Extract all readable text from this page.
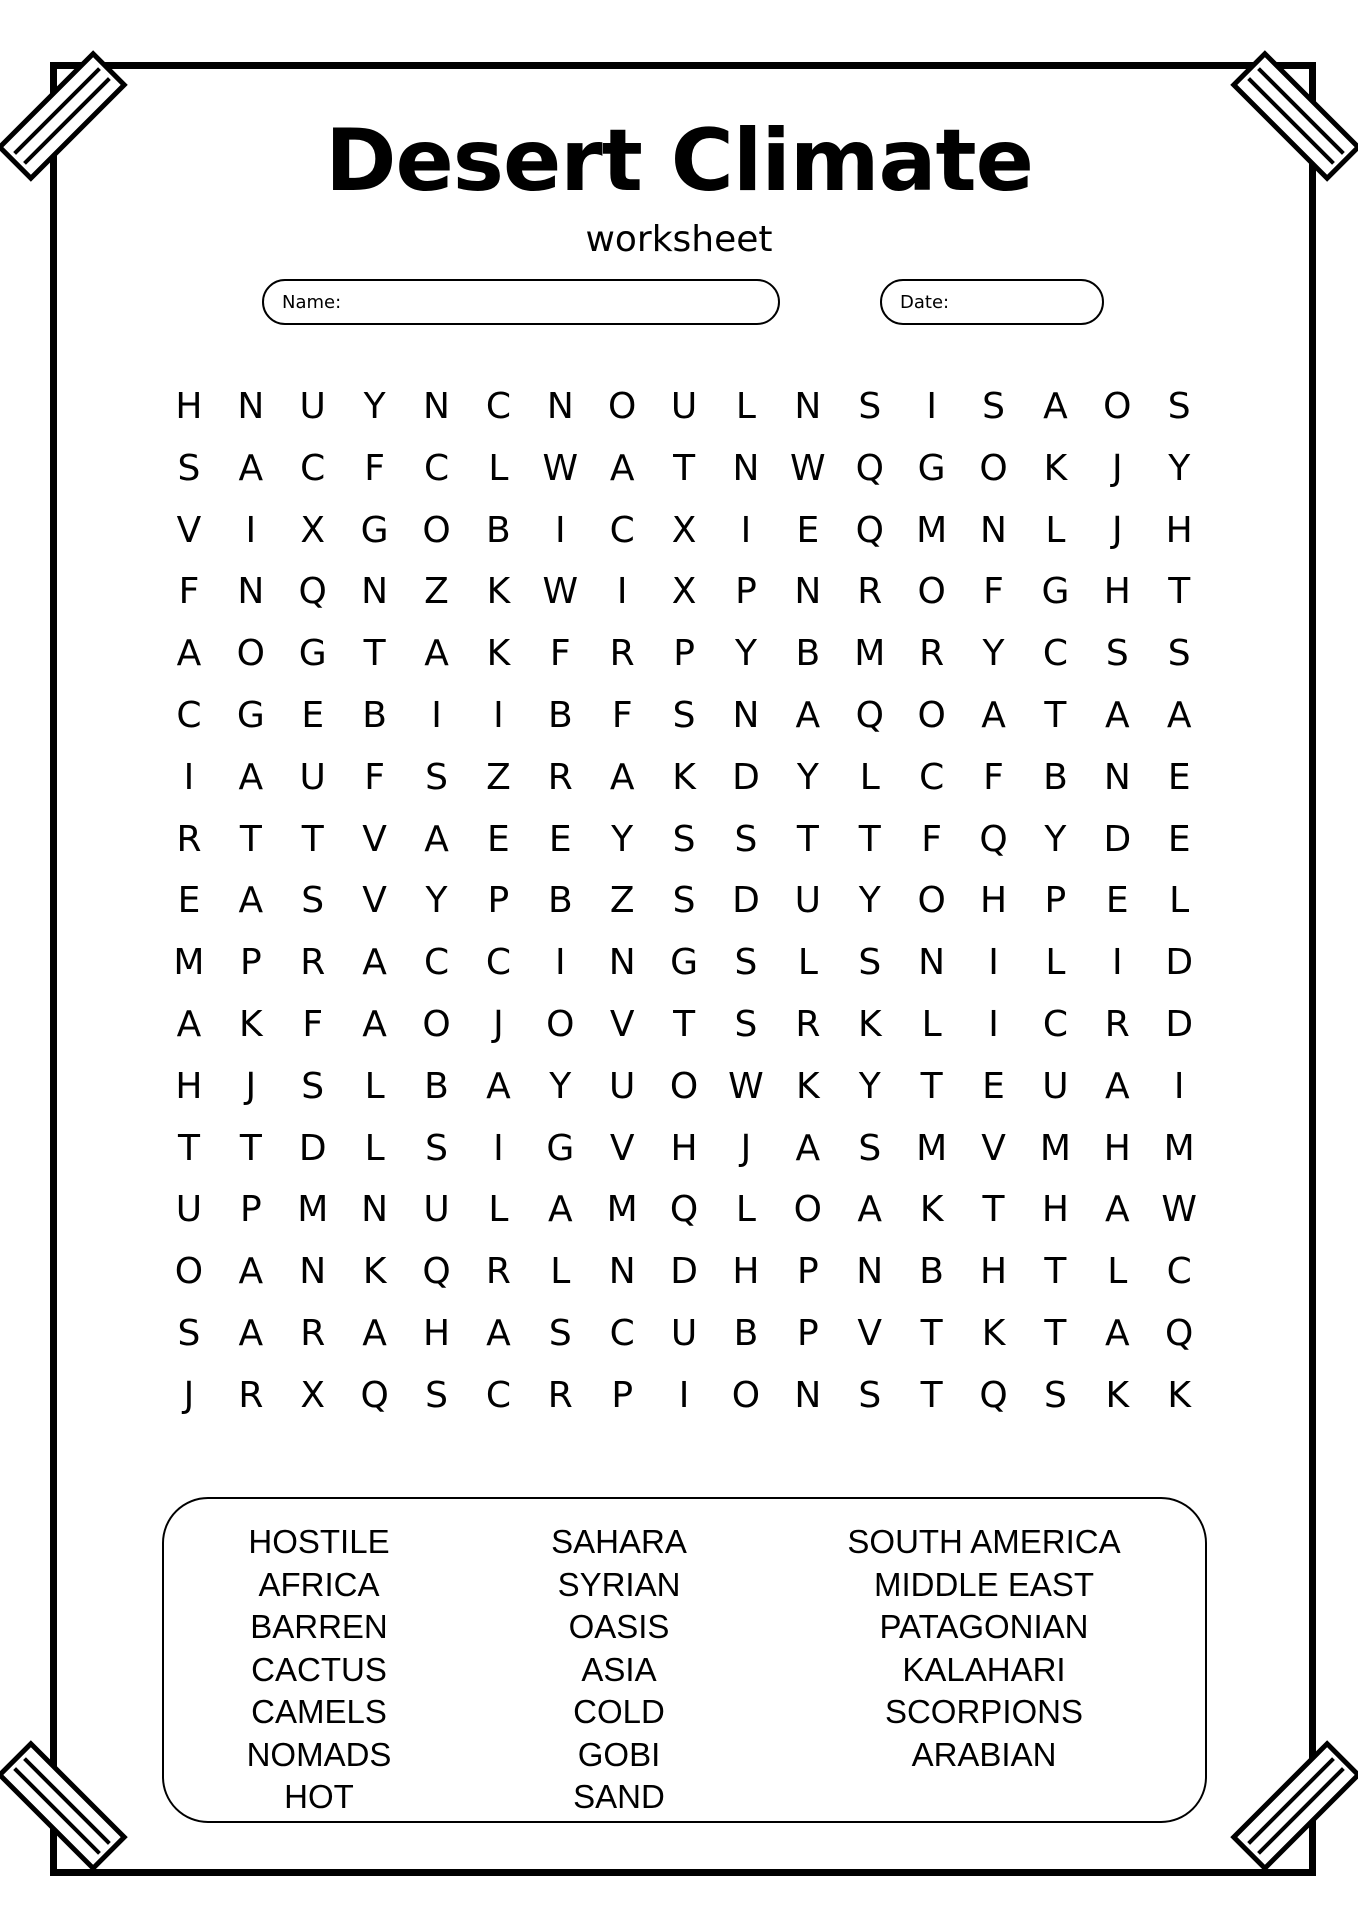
Desert Climate
worksheet
Name:	Date:
H N U	Y	N C N O U	L	N	S	I	S	A O	S
S	A	C	F	C	L W A	T	N W Q G O K	J	Y
V	I	X G O B	I	C	X	I	E	Q M N	L	J	H
F	N Q N	Z	K W	I	X	P	N R O	F	G H	T
A O G	T	A	K	F	R	P	Y	B M R	Y	C	S	S
C G	E	B	I	I	B	F	S	N	A Q O A	T	A	A
I	A	U	F	S	Z	R	A	K	D	Y	L	C	F	B	N	E
R	T	T	V	A	E	E	Y	S	S	T	T	F	Q	Y	D	E
E	A	S	V	Y	P	B	Z	S	D U	Y	O H	P	E	L
M P	R	A	C	C	I	N G	S	L	S	N	I	L	I	D
A	K	F	A O	J	O V	T	S	R	K	L	I	C	R D
H	J	S	L	B	A	Y	U O W K	Y	T	E	U	A	I
T	T	D	L	S	I	G V	H	J	A	S M V M H M
U	P M N U	L	A M Q	L	O A	K	T	H	A W
O A	N	K Q R	L	N D H	P	N	B	H	T	L	C
S	A	R	A	H	A	S	C	U	B	P	V	T	K	T	A Q
J	R	X Q	S	C	R	P	I	O N	S	T	Q	S	K	K
HOSTILE
AFRICA
BARREN
CACTUS
CAMELS
NOMADS
HOT
SAHARA
SYRIAN
OASIS
ASIA
COLD
GOBI
SAND
SOUTH AMERICA
MIDDLE EAST
PATAGONIAN
KALAHARI
SCORPIONS
ARABIAN
